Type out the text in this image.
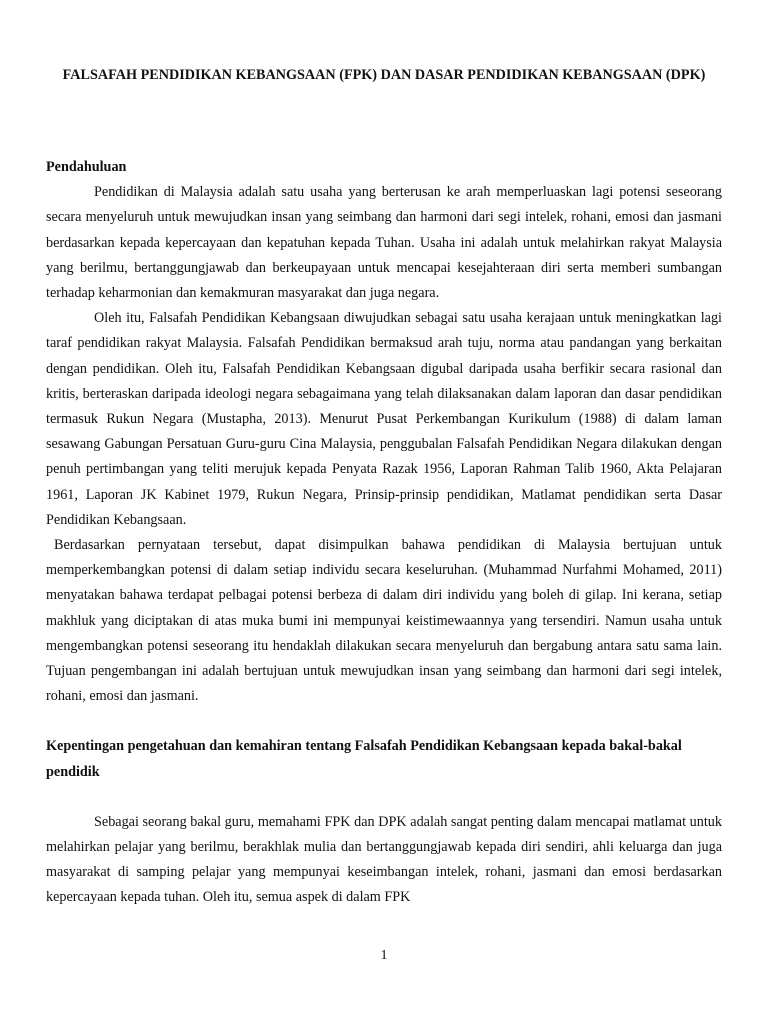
FALSAFAH PENDIDIKAN KEBANGSAAN (FPK) DAN DASAR PENDIDIKAN KEBANGSAAN (DPK)
Pendahuluan

Pendidikan di Malaysia adalah satu usaha yang berterusan ke arah memperluaskan lagi potensi seseorang secara menyeluruh untuk mewujudkan insan yang seimbang dan harmoni dari segi intelek, rohani, emosi dan jasmani berdasarkan kepada kepercayaan dan kepatuhan kepada Tuhan. Usaha ini adalah untuk melahirkan rakyat Malaysia yang berilmu, bertanggungjawab dan berkeupayaan untuk mencapai kesejahteraan diri serta memberi sumbangan terhadap keharmonian dan kemakmuran masyarakat dan juga negara.

Oleh itu, Falsafah Pendidikan Kebangsaan diwujudkan sebagai satu usaha kerajaan untuk meningkatkan lagi taraf pendidikan rakyat Malaysia. Falsafah Pendidikan bermaksud arah tuju, norma atau pandangan yang berkaitan dengan pendidikan. Oleh itu, Falsafah Pendidikan Kebangsaan digubal daripada usaha berfikir secara rasional dan kritis, berteraskan daripada ideologi negara sebagaimana yang telah dilaksanakan dalam laporan dan dasar pendidikan termasuk Rukun Negara (Mustapha, 2013). Menurut Pusat Perkembangan Kurikulum (1988) di dalam laman sesawang Gabungan Persatuan Guru-guru Cina Malaysia, penggubalan Falsafah Pendidikan Negara dilakukan dengan penuh pertimbangan yang teliti merujuk kepada Penyata Razak 1956, Laporan Rahman Talib 1960, Akta Pelajaran 1961, Laporan JK Kabinet 1979, Rukun Negara, Prinsip-prinsip pendidikan, Matlamat pendidikan serta Dasar Pendidikan Kebangsaan.

Berdasarkan pernyataan tersebut, dapat disimpulkan bahawa pendidikan di Malaysia bertujuan untuk memperkembangkan potensi di dalam setiap individu secara keseluruhan. (Muhammad Nurfahmi Mohamed, 2011) menyatakan bahawa terdapat pelbagai potensi berbeza di dalam diri individu yang boleh di gilap. Ini kerana, setiap makhluk yang diciptakan di atas muka bumi ini mempunyai keistimewaannya yang tersendiri. Namun usaha untuk mengembangkan potensi seseorang itu hendaklah dilakukan secara menyeluruh dan bergabung antara satu sama lain. Tujuan pengembangan ini adalah bertujuan untuk mewujudkan insan yang seimbang dan harmoni dari segi intelek, rohani, emosi dan jasmani.

Kepentingan pengetahuan dan kemahiran tentang Falsafah Pendidikan Kebangsaan kepada bakal-bakal pendidik

Sebagai seorang bakal guru, memahami FPK dan DPK adalah sangat penting dalam mencapai matlamat untuk melahirkan pelajar yang berilmu, berakhlak mulia dan bertanggungjawab kepada diri sendiri, ahli keluarga dan juga masyarakat di samping pelajar yang mempunyai keseimbangan intelek, rohani, jasmani dan emosi berdasarkan kepercayaan kepada tuhan. Oleh itu, semua aspek di dalam FPK

1
